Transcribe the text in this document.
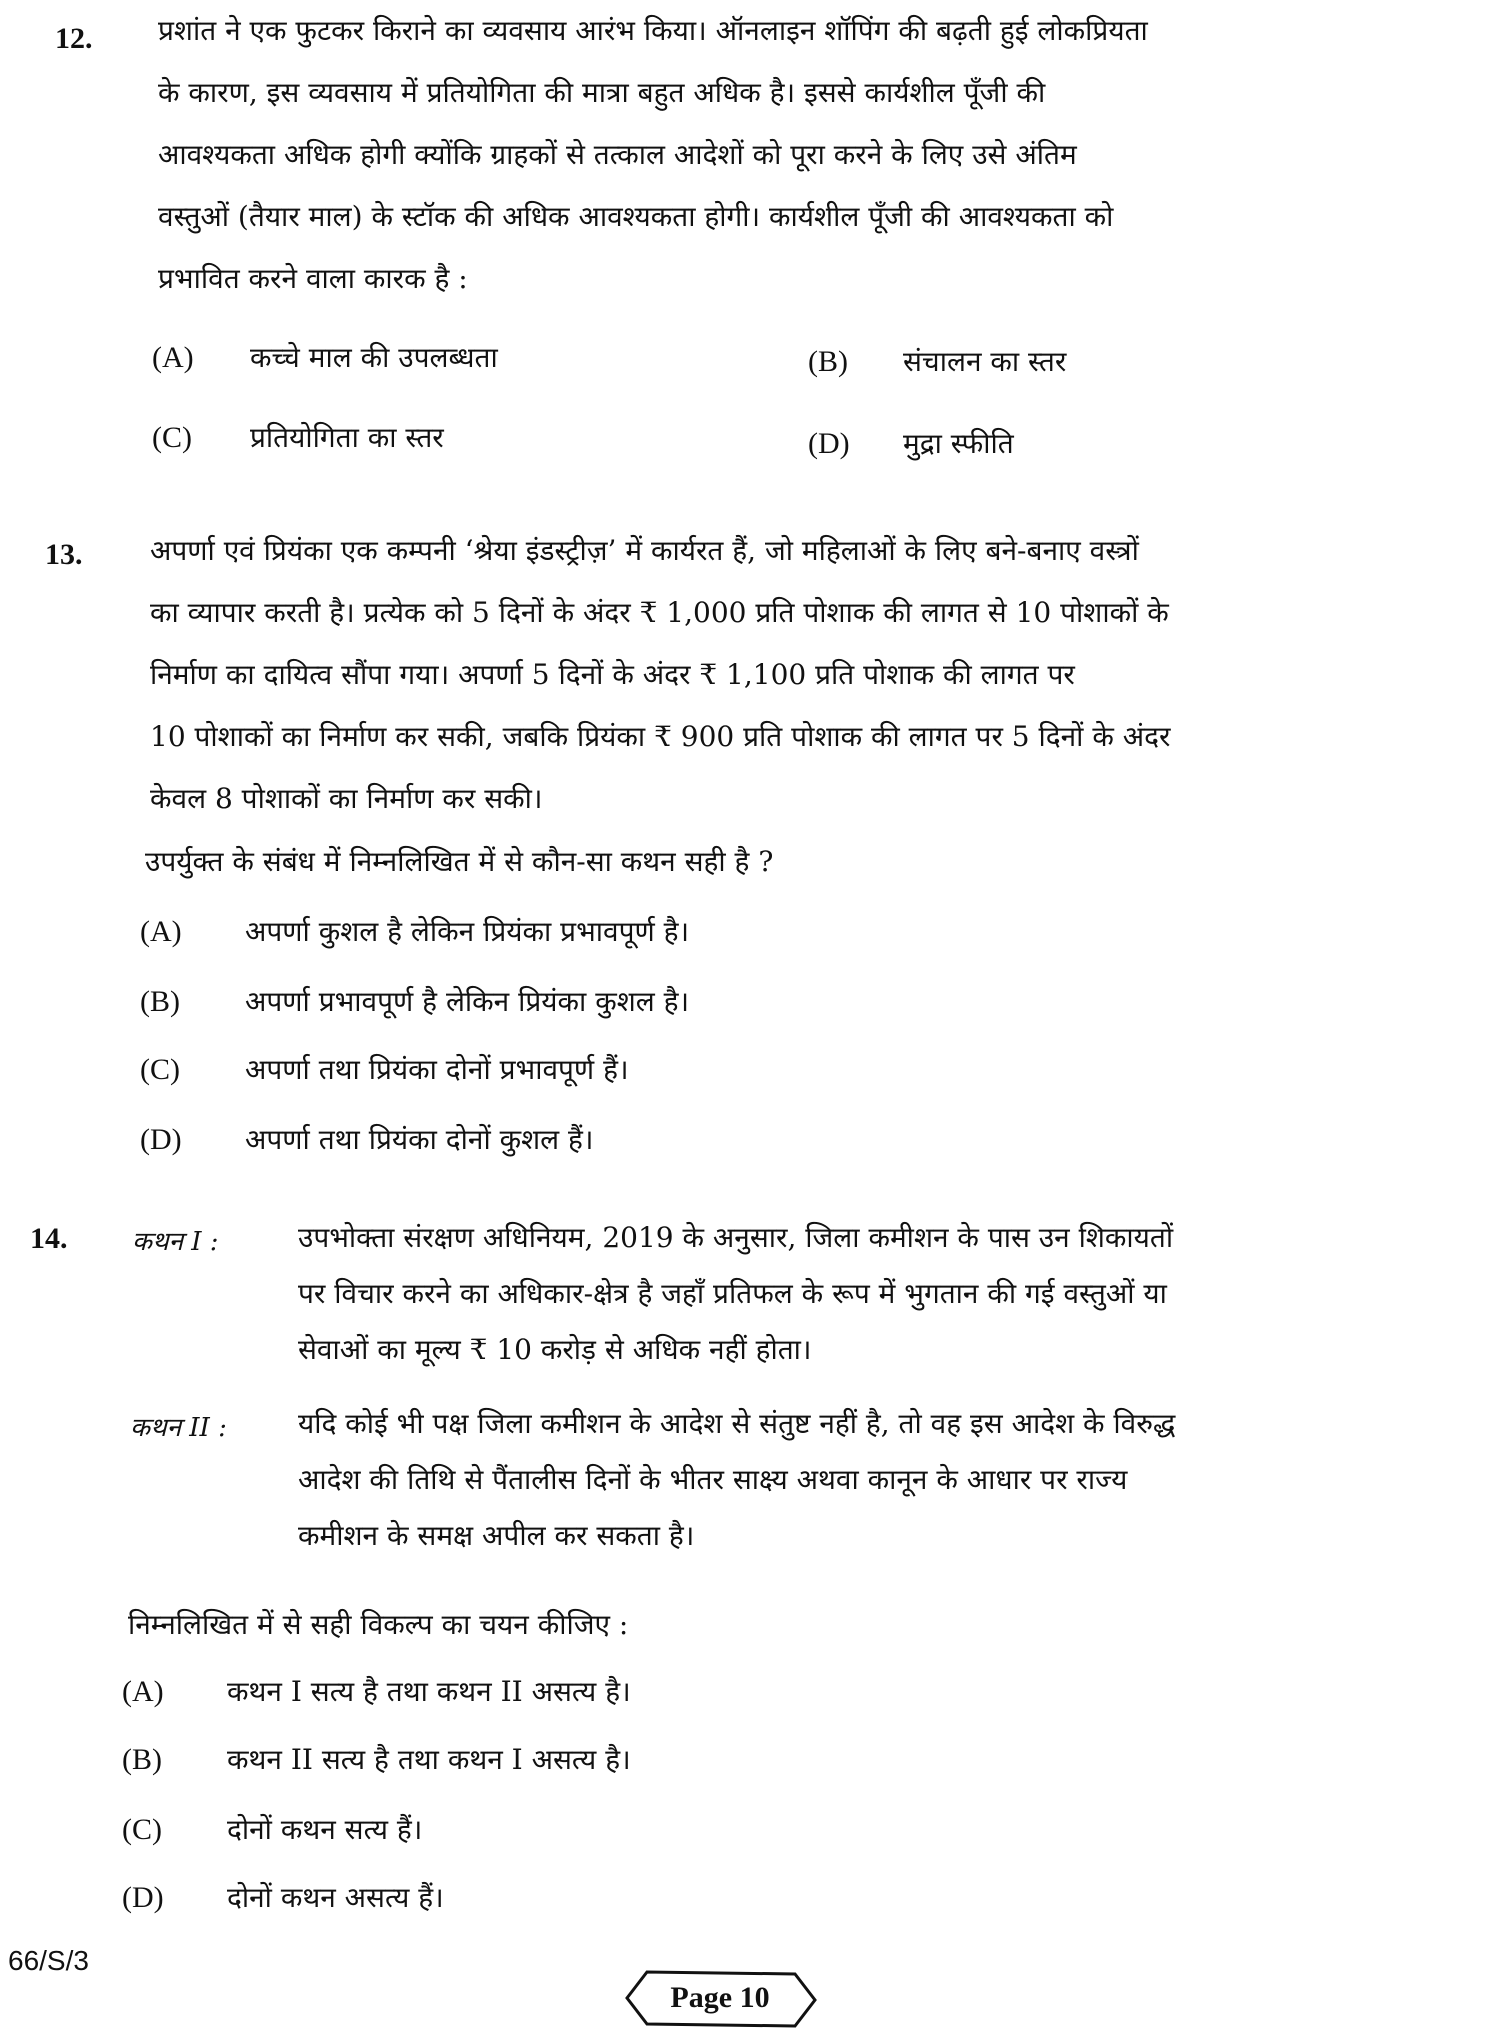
12. प्रशांत ने एक फुटकर किराने का व्यवसाय आरंभ किया। ऑनलाइन शॉपिंग की बढ़ती हुई लोकप्रियता
के कारण, इस व्यवसाय में प्रतियोगिता की मात्रा बहुत अधिक है। इससे कार्यशील पूँजी की
आवश्यकता अधिक होगी क्योंकि ग्राहकों से तत्काल आदेशों को पूरा करने के लिए उसे अंतिम
वस्तुओं (तैयार माल) के स्टॉक की अधिक आवश्यकता होगी। कार्यशील पूँजी की आवश्यकता को
प्रभावित करने वाला कारक है :
(A) कच्चे माल की उपलब्धता	(B) संचालन का स्तर
(C) प्रतियोगिता का स्तर	(D) मुद्रा स्फीति
13. अपर्णा एवं प्रियंका एक कम्पनी ‘श्रेया इंडस्ट्रीज़’ में कार्यरत हैं, जो महिलाओं के लिए बने-बनाए वस्त्रों
का व्यापार करती है। प्रत्येक को 5 दिनों के अंदर ₹ 1,000 प्रति पोशाक की लागत से 10 पोशाकों के
निर्माण का दायित्व सौंपा गया। अपर्णा 5 दिनों के अंदर ₹ 1,100 प्रति पोशाक की लागत पर
10 पोशाकों का निर्माण कर सकी, जबकि प्रियंका ₹ 900 प्रति पोशाक की लागत पर 5 दिनों के अंदर
केवल 8 पोशाकों का निर्माण कर सकी।
उपर्युक्त के संबंध में निम्नलिखित में से कौन-सा कथन सही है ?
(A) अपर्णा कुशल है लेकिन प्रियंका प्रभावपूर्ण है।
(B) अपर्णा प्रभावपूर्ण है लेकिन प्रियंका कुशल है।
(C) अपर्णा तथा प्रियंका दोनों प्रभावपूर्ण हैं।
(D) अपर्णा तथा प्रियंका दोनों कुशल हैं।
14. कथन I :	उपभोक्ता संरक्षण अधिनियम, 2019 के अनुसार, जिला कमीशन के पास उन शिकायतों
पर विचार करने का अधिकार-क्षेत्र है जहाँ प्रतिफल के रूप में भुगतान की गई वस्तुओं या
सेवाओं का मूल्य ₹ 10 करोड़ से अधिक नहीं होता।
कथन II :	यदि कोई भी पक्ष जिला कमीशन के आदेश से संतुष्ट नहीं है, तो वह इस आदेश के विरुद्ध
आदेश की तिथि से पैंतालीस दिनों के भीतर साक्ष्य अथवा कानून के आधार पर राज्य
कमीशन के समक्ष अपील कर सकता है।
निम्नलिखित में से सही विकल्प का चयन कीजिए :
(A) कथन I सत्य है तथा कथन II असत्य है।
(B) कथन II सत्य है तथा कथन I असत्य है।
(C) दोनों कथन सत्य हैं।
(D) दोनों कथन असत्य हैं।
66/S/3
Page 10
